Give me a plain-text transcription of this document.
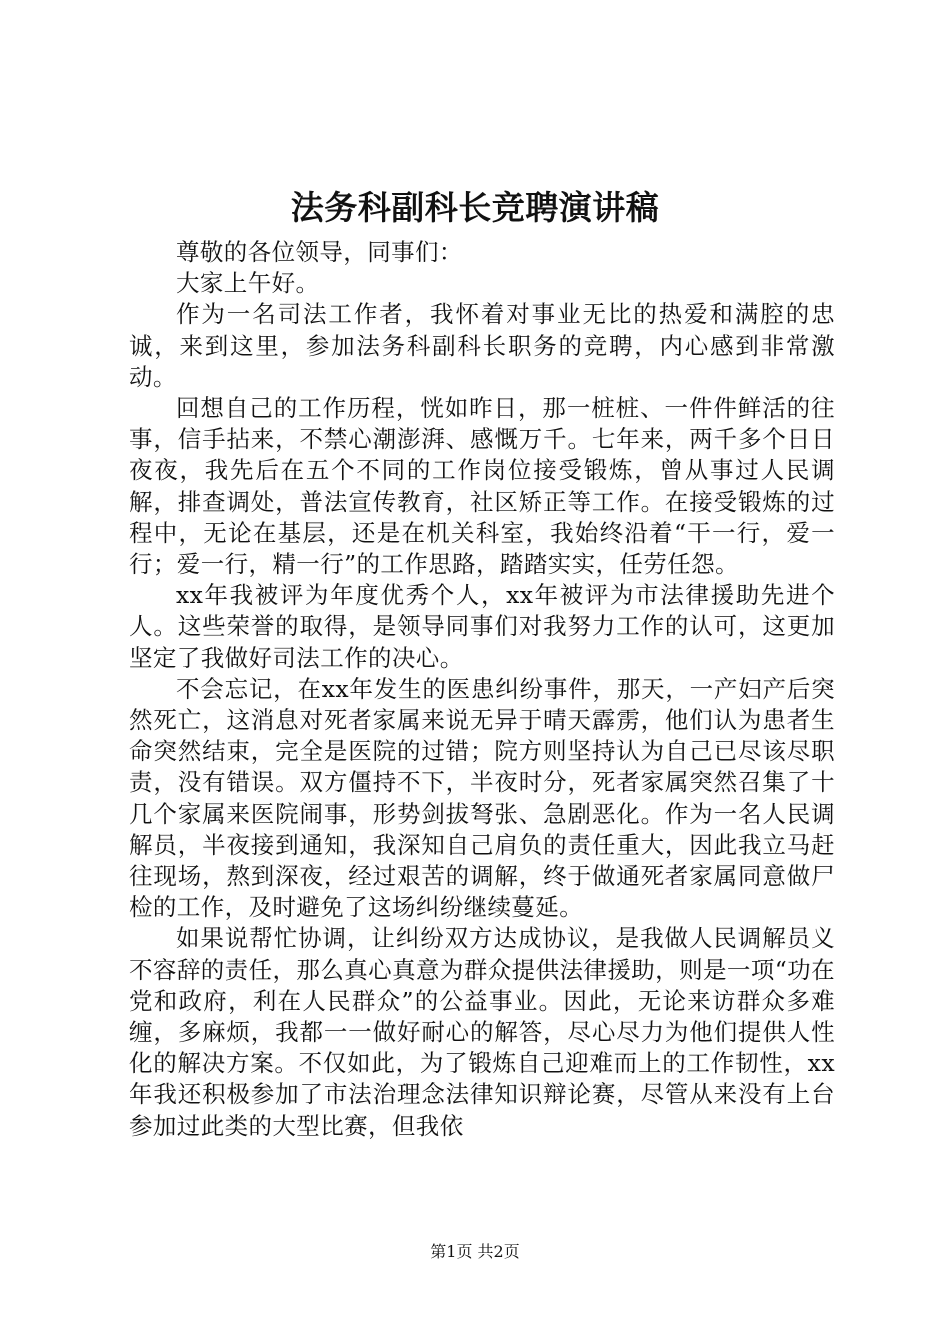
法务科副科长竞聘演讲稿

尊敬的各位领导，同事们：

大家上午好。

作为一名司法工作者，我怀着对事业无比的热爱和满腔的忠诚，来到这里，参加法务科副科长职务的竞聘，内心感到非常激动。

回想自己的工作历程，恍如昨日，那一桩桩、一件件鲜活的往事，信手拈来，不禁心潮澎湃、感慨万千。七年来，两千多个日日夜夜，我先后在五个不同的工作岗位接受锻炼，曾从事过人民调解，排查调处，普法宣传教育，社区矫正等工作。在接受锻炼的过程中，无论在基层，还是在机关科室，我始终沿着“干一行，爱一行；爱一行，精一行”的工作思路，踏踏实实，任劳任怨。

xx年我被评为年度优秀个人，xx年被评为市法律援助先进个人。这些荣誉的取得，是领导同事们对我努力工作的认可，这更加坚定了我做好司法工作的决心。

不会忘记，在xx年发生的医患纠纷事件，那天，一产妇产后突然死亡，这消息对死者家属来说无异于晴天霹雳，他们认为患者生命突然结束，完全是医院的过错；院方则坚持认为自己已尽该尽职责，没有错误。双方僵持不下，半夜时分，死者家属突然召集了十几个家属来医院闹事，形势剑拔弩张、急剧恶化。作为一名人民调解员，半夜接到通知，我深知自己肩负的责任重大，因此我立马赶往现场，熬到深夜，经过艰苦的调解，终于做通死者家属同意做尸检的工作，及时避免了这场纠纷继续蔓延。

如果说帮忙协调，让纠纷双方达成协议，是我做人民调解员义不容辞的责任，那么真心真意为群众提供法律援助，则是一项“功在党和政府，利在人民群众”的公益事业。因此，无论来访群众多难缠，多麻烦，我都一一做好耐心的解答，尽心尽力为他们提供人性化的解决方案。不仅如此，为了锻炼自己迎难而上的工作韧性，xx年我还积极参加了市法治理念法律知识辩论赛，尽管从来没有上台参加过此类的大型比赛，但我依

第1页 共2页
